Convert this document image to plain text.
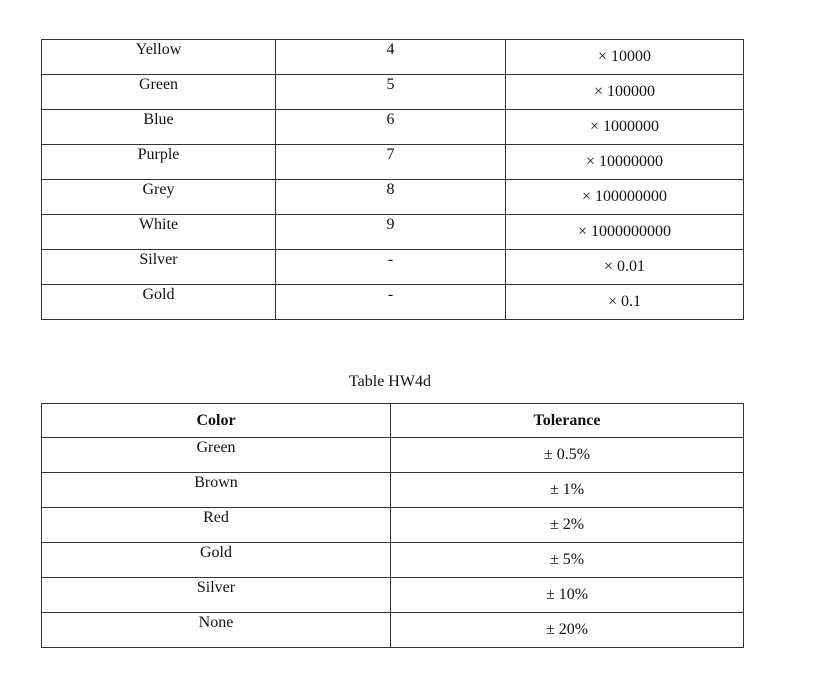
Yellow	4	× 10000
Green	5	× 100000
Blue	6	× 1000000
Purple	7	× 10000000
Grey	8	× 100000000
White	9	× 1000000000
Silver	-	× 0.01
Gold	-	× 0.1
Table HW4d
Color	Tolerance
Green	± 0.5%
Brown	± 1%
Red	± 2%
Gold	± 5%
Silver	± 10%
None	± 20%
